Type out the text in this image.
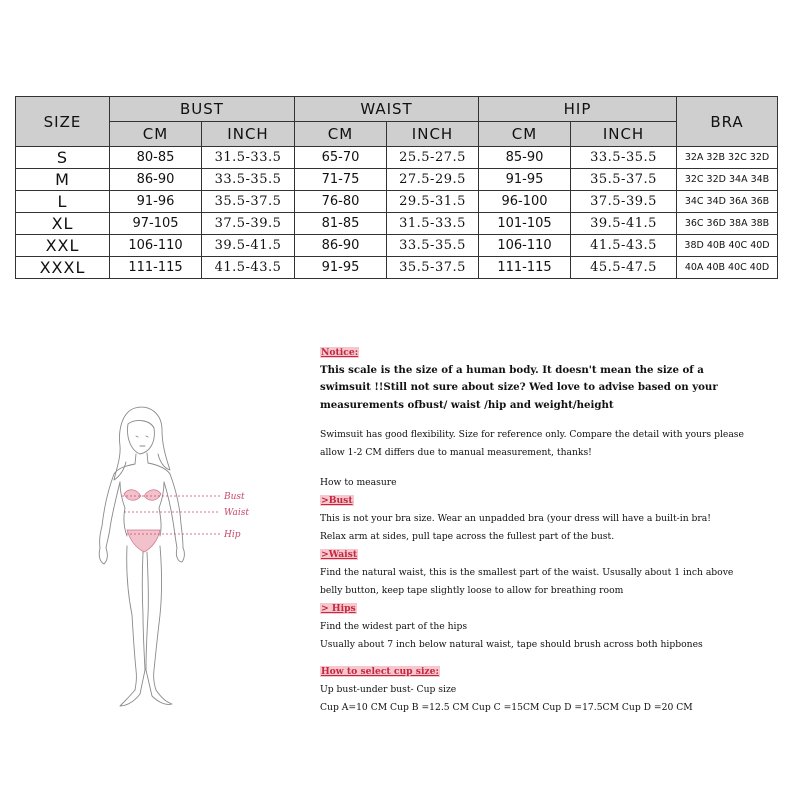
SIZE	BUST		WAIST		HIP		BRA
	CM	INCH	CM	INCH	CM	INCH	
S	80-85	31.5-33.5	65-70	25.5-27.5	85-90	33.5-35.5	32A 32B 32C 32D
M	86-90	33.5-35.5	71-75	27.5-29.5	91-95	35.5-37.5	32C 32D 34A 34B
L	91-96	35.5-37.5	76-80	29.5-31.5	96-100	37.5-39.5	34C 34D 36A 36B
XL	97-105	37.5-39.5	81-85	31.5-33.5	101-105	39.5-41.5	36C 36D 38A 38B
XXL	106-110	39.5-41.5	86-90	33.5-35.5	106-110	41.5-43.5	38D 40B 40C 40D
XXXL	111-115	41.5-43.5	91-95	35.5-37.5	111-115	45.5-47.5	40A 40B 40C 40D
Bust
Waist
Hip

Notice:

This scale is the size of a human body. It doesn't mean the size of a

swimsuit !!Still not sure about size? Wed love to advise based on your

measurements ofbust/ waist /hip and weight/height

Swimsuit has good flexibility. Size for reference only. Compare the detail with yours please

allow 1-2 CM differs due to manual measurement, thanks!

How to measure

>Bust

This is not your bra size. Wear an unpadded bra (your dress will have a built-in bra!

Relax arm at sides, pull tape across the fullest part of the bust.

>Waist

Find the natural waist, this is the smallest part of the waist. Ususally about 1 inch above

belly button, keep tape slightly loose to allow for breathing room

> Hips

Find the widest part of the hips

Usually about 7 inch below natural waist, tape should brush across both hipbones

How to select cup size:

Up bust-under bust- Cup size

Cup A=10 CM Cup B =12.5 CM Cup C =15CM Cup D =17.5CM Cup D =20 CM
